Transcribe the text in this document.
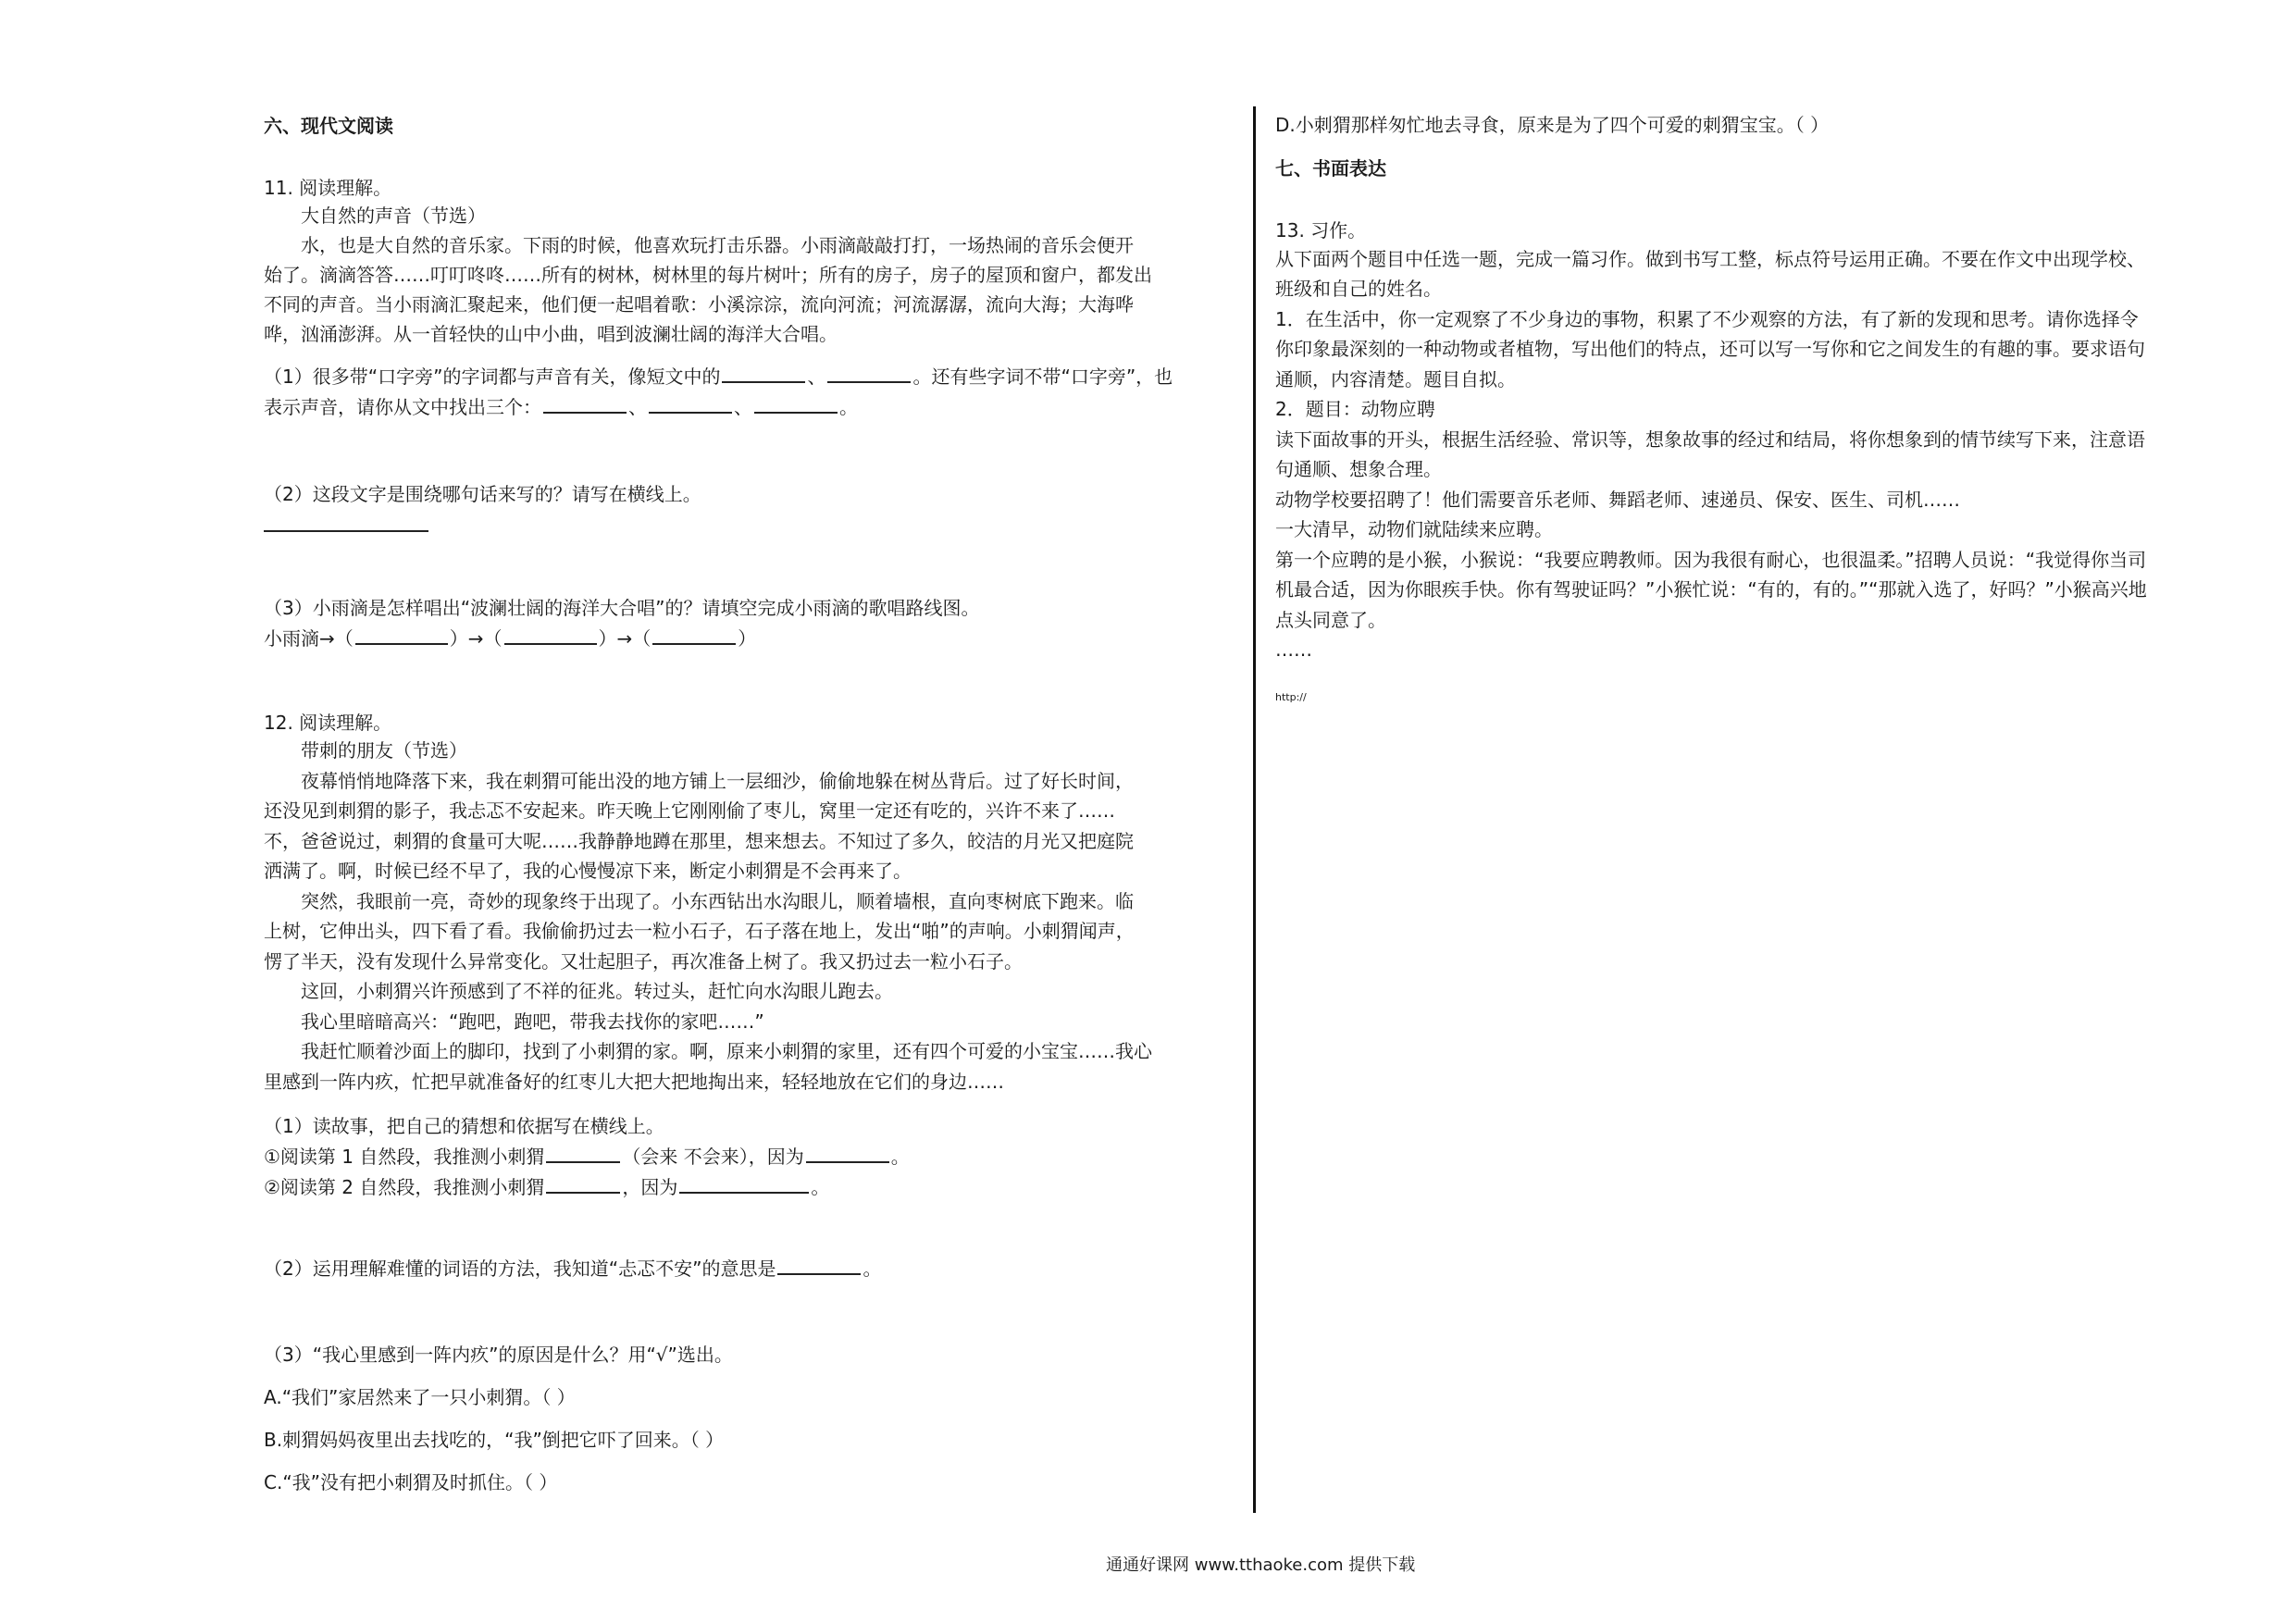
六、现代文阅读
11. 阅读理解。
大自然的声音（节选）
水，也是大自然的音乐家。下雨的时候，他喜欢玩打击乐器。小雨滴敲敲打打，一场热闹的音乐会便开
始了。滴滴答答……叮叮咚咚……所有的树林，树林里的每片树叶；所有的房子，房子的屋顶和窗户，都发出
不同的声音。当小雨滴汇聚起来，他们便一起唱着歌：小溪淙淙，流向河流；河流潺潺，流向大海；大海哗
哗，汹涌澎湃。从一首轻快的山中小曲，唱到波澜壮阔的海洋大合唱。
（1）很多带“口字旁”的字词都与声音有关，像短文中的	、	。还有些字词不带“口字旁”，也
表示声音，请你从文中找出三个：	、	、	。
（2）这段文字是围绕哪句话来写的？请写在横线上。
（3）小雨滴是怎样唱出“波澜壮阔的海洋大合唱”的？请填空完成小雨滴的歌唱路线图。
小雨滴→（	）→（	）→（	）
12. 阅读理解。
带刺的朋友（节选）
夜幕悄悄地降落下来，我在刺猬可能出没的地方铺上一层细沙，偷偷地躲在树丛背后。过了好长时间，
还没见到刺猬的影子，我忐忑不安起来。昨天晚上它刚刚偷了枣儿，窝里一定还有吃的，兴许不来了……
不，爸爸说过，刺猬的食量可大呢……我静静地蹲在那里，想来想去。不知过了多久，皎洁的月光又把庭院
洒满了。啊，时候已经不早了，我的心慢慢凉下来，断定小刺猬是不会再来了。
突然，我眼前一亮，奇妙的现象终于出现了。小东西钻出水沟眼儿，顺着墙根，直向枣树底下跑来。临
上树，它伸出头，四下看了看。我偷偷扔过去一粒小石子，石子落在地上，发出“啪”的声响。小刺猬闻声，
愣了半天，没有发现什么异常变化。又壮起胆子，再次准备上树了。我又扔过去一粒小石子。
这回，小刺猬兴许预感到了不祥的征兆。转过头，赶忙向水沟眼儿跑去。
我心里暗暗高兴：“跑吧，跑吧，带我去找你的家吧……”
我赶忙顺着沙面上的脚印，找到了小刺猬的家。啊，原来小刺猬的家里，还有四个可爱的小宝宝……我心
里感到一阵内疚，忙把早就准备好的红枣儿大把大把地掏出来，轻轻地放在它们的身边……
（1）读故事，把自己的猜想和依据写在横线上。
①阅读第 1 自然段，我推测小刺猬	（会来 不会来），因为	。
②阅读第 2 自然段，我推测小刺猬	，因为	。
（2）运用理解难懂的词语的方法，我知道“忐忑不安”的意思是	。
（3）“我心里感到一阵内疚”的原因是什么？用“√”选出。
A.“我们”家居然来了一只小刺猬。（ ）
B.刺猬妈妈夜里出去找吃的，“我”倒把它吓了回来。（ ）
C.“我”没有把小刺猬及时抓住。（ ）
D.小刺猬那样匆忙地去寻食，原来是为了四个可爱的刺猬宝宝。（ ）
七、书面表达
13. 习作。
从下面两个题目中任选一题，完成一篇习作。做到书写工整，标点符号运用正确。不要在作文中出现学校、
班级和自己的姓名。
1．在生活中，你一定观察了不少身边的事物，积累了不少观察的方法，有了新的发现和思考。请你选择令
你印象最深刻的一种动物或者植物，写出他们的特点，还可以写一写你和它之间发生的有趣的事。要求语句
通顺，内容清楚。题目自拟。
2．题目：动物应聘
读下面故事的开头，根据生活经验、常识等，想象故事的经过和结局，将你想象到的情节续写下来，注意语
句通顺、想象合理。
动物学校要招聘了！他们需要音乐老师、舞蹈老师、速递员、保安、医生、司机……
一大清早，动物们就陆续来应聘。
第一个应聘的是小猴，小猴说：“我要应聘教师。因为我很有耐心，也很温柔。”招聘人员说：“我觉得你当司
机最合适，因为你眼疾手快。你有驾驶证吗？”小猴忙说：“有的，有的。”“那就入选了，好吗？”小猴高兴地
点头同意了。
……
http://
通通好课网 www.tthaoke.com 提供下载
